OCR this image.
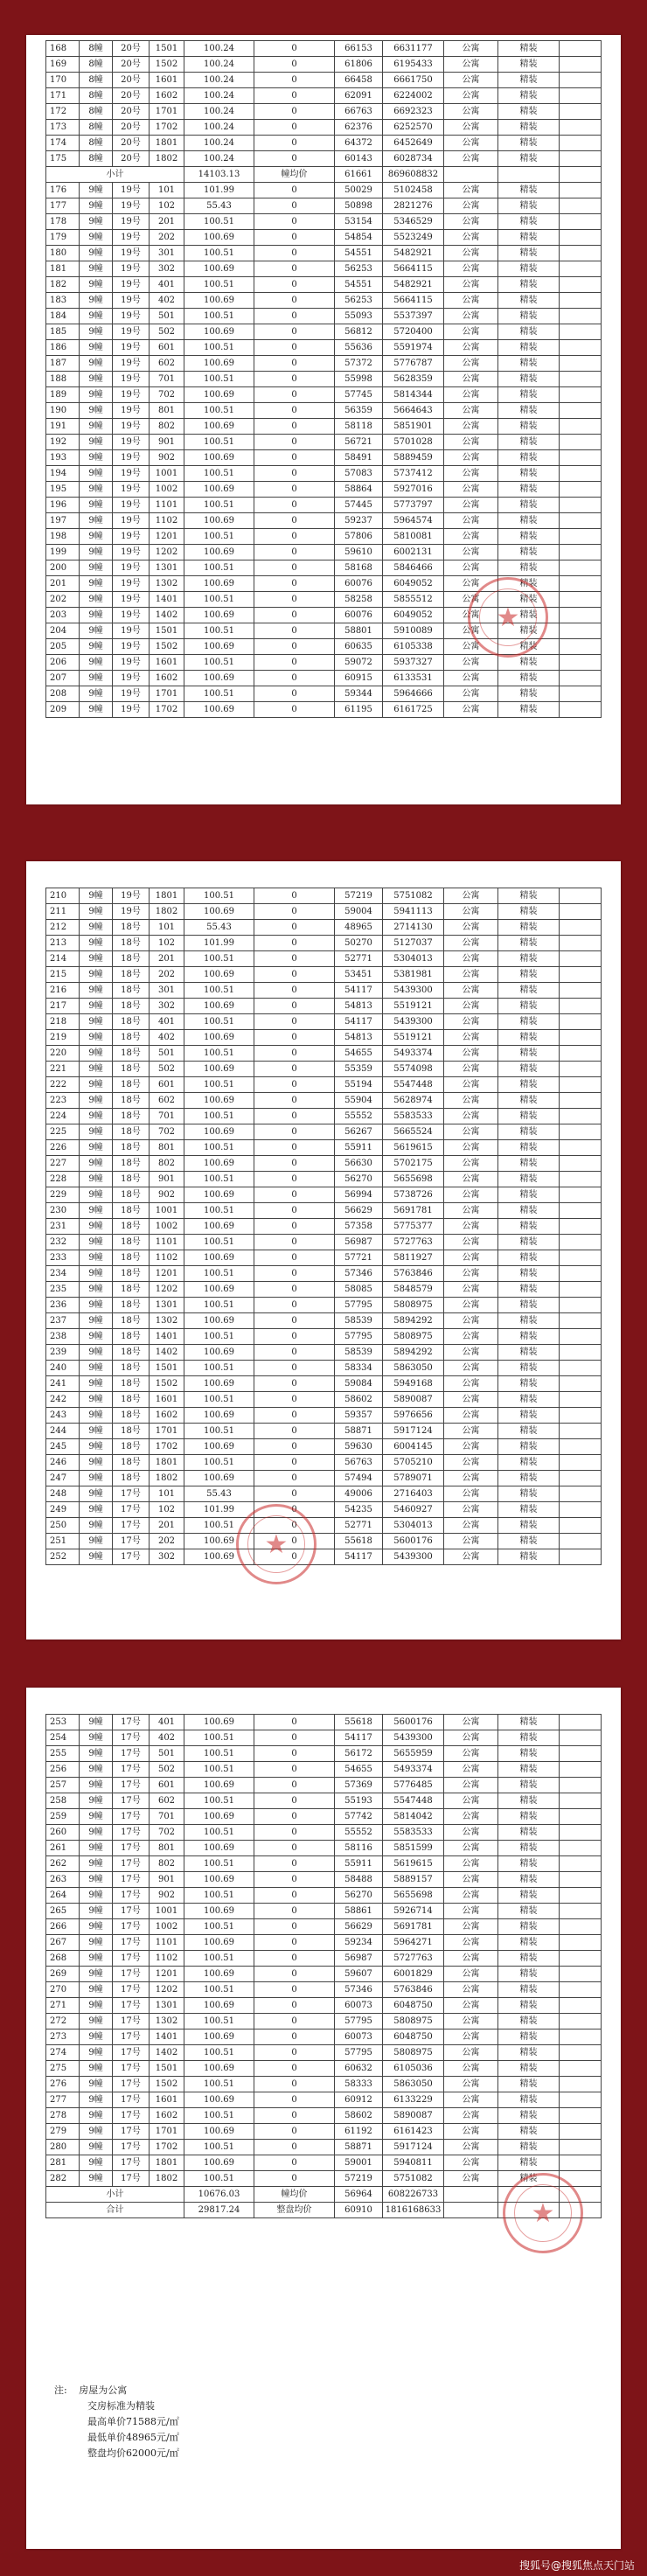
168	8幢	20号	1501	100.24	0	66153	6631177	公寓	精装	
169	8幢	20号	1502	100.24	0	61806	6195433	公寓	精装	
170	8幢	20号	1601	100.24	0	66458	6661750	公寓	精装	
171	8幢	20号	1602	100.24	0	62091	6224002	公寓	精装	
172	8幢	20号	1701	100.24	0	66763	6692323	公寓	精装	
173	8幢	20号	1702	100.24	0	62376	6252570	公寓	精装	
174	8幢	20号	1801	100.24	0	64372	6452649	公寓	精装	
175	8幢	20号	1802	100.24	0	60143	6028734	公寓	精装	
小计				14103.13	幢均价	61661	869608832			
176	9幢	19号	101	101.99	0	50029	5102458	公寓	精装	
177	9幢	19号	102	55.43	0	50898	2821276	公寓	精装	
178	9幢	19号	201	100.51	0	53154	5346529	公寓	精装	
179	9幢	19号	202	100.69	0	54854	5523249	公寓	精装	
180	9幢	19号	301	100.51	0	54551	5482921	公寓	精装	
181	9幢	19号	302	100.69	0	56253	5664115	公寓	精装	
182	9幢	19号	401	100.51	0	54551	5482921	公寓	精装	
183	9幢	19号	402	100.69	0	56253	5664115	公寓	精装	
184	9幢	19号	501	100.51	0	55093	5537397	公寓	精装	
185	9幢	19号	502	100.69	0	56812	5720400	公寓	精装	
186	9幢	19号	601	100.51	0	55636	5591974	公寓	精装	
187	9幢	19号	602	100.69	0	57372	5776787	公寓	精装	
188	9幢	19号	701	100.51	0	55998	5628359	公寓	精装	
189	9幢	19号	702	100.69	0	57745	5814344	公寓	精装	
190	9幢	19号	801	100.51	0	56359	5664643	公寓	精装	
191	9幢	19号	802	100.69	0	58118	5851901	公寓	精装	
192	9幢	19号	901	100.51	0	56721	5701028	公寓	精装	
193	9幢	19号	902	100.69	0	58491	5889459	公寓	精装	
194	9幢	19号	1001	100.51	0	57083	5737412	公寓	精装	
195	9幢	19号	1002	100.69	0	58864	5927016	公寓	精装	
196	9幢	19号	1101	100.51	0	57445	5773797	公寓	精装	
197	9幢	19号	1102	100.69	0	59237	5964574	公寓	精装	
198	9幢	19号	1201	100.51	0	57806	5810081	公寓	精装	
199	9幢	19号	1202	100.69	0	59610	6002131	公寓	精装	
200	9幢	19号	1301	100.51	0	58168	5846466	公寓	精装	
201	9幢	19号	1302	100.69	0	60076	6049052	公寓	精装	
202	9幢	19号	1401	100.51	0	58258	5855512	公寓	精装	
203	9幢	19号	1402	100.69	0	60076	6049052	公寓	精装	
204	9幢	19号	1501	100.51	0	58801	5910089	公寓	精装	
205	9幢	19号	1502	100.69	0	60635	6105338	公寓	精装	
206	9幢	19号	1601	100.51	0	59072	5937327	公寓	精装	
207	9幢	19号	1602	100.69	0	60915	6133531	公寓	精装	
208	9幢	19号	1701	100.51	0	59344	5964666	公寓	精装	
209	9幢	19号	1702	100.69	0	61195	6161725	公寓	精装	
★
210	9幢	19号	1801	100.51	0	57219	5751082	公寓	精装	
211	9幢	19号	1802	100.69	0	59004	5941113	公寓	精装	
212	9幢	18号	101	55.43	0	48965	2714130	公寓	精装	
213	9幢	18号	102	101.99	0	50270	5127037	公寓	精装	
214	9幢	18号	201	100.51	0	52771	5304013	公寓	精装	
215	9幢	18号	202	100.69	0	53451	5381981	公寓	精装	
216	9幢	18号	301	100.51	0	54117	5439300	公寓	精装	
217	9幢	18号	302	100.69	0	54813	5519121	公寓	精装	
218	9幢	18号	401	100.51	0	54117	5439300	公寓	精装	
219	9幢	18号	402	100.69	0	54813	5519121	公寓	精装	
220	9幢	18号	501	100.51	0	54655	5493374	公寓	精装	
221	9幢	18号	502	100.69	0	55359	5574098	公寓	精装	
222	9幢	18号	601	100.51	0	55194	5547448	公寓	精装	
223	9幢	18号	602	100.69	0	55904	5628974	公寓	精装	
224	9幢	18号	701	100.51	0	55552	5583533	公寓	精装	
225	9幢	18号	702	100.69	0	56267	5665524	公寓	精装	
226	9幢	18号	801	100.51	0	55911	5619615	公寓	精装	
227	9幢	18号	802	100.69	0	56630	5702175	公寓	精装	
228	9幢	18号	901	100.51	0	56270	5655698	公寓	精装	
229	9幢	18号	902	100.69	0	56994	5738726	公寓	精装	
230	9幢	18号	1001	100.51	0	56629	5691781	公寓	精装	
231	9幢	18号	1002	100.69	0	57358	5775377	公寓	精装	
232	9幢	18号	1101	100.51	0	56987	5727763	公寓	精装	
233	9幢	18号	1102	100.69	0	57721	5811927	公寓	精装	
234	9幢	18号	1201	100.51	0	57346	5763846	公寓	精装	
235	9幢	18号	1202	100.69	0	58085	5848579	公寓	精装	
236	9幢	18号	1301	100.51	0	57795	5808975	公寓	精装	
237	9幢	18号	1302	100.69	0	58539	5894292	公寓	精装	
238	9幢	18号	1401	100.51	0	57795	5808975	公寓	精装	
239	9幢	18号	1402	100.69	0	58539	5894292	公寓	精装	
240	9幢	18号	1501	100.51	0	58334	5863050	公寓	精装	
241	9幢	18号	1502	100.69	0	59084	5949168	公寓	精装	
242	9幢	18号	1601	100.51	0	58602	5890087	公寓	精装	
243	9幢	18号	1602	100.69	0	59357	5976656	公寓	精装	
244	9幢	18号	1701	100.51	0	58871	5917124	公寓	精装	
245	9幢	18号	1702	100.69	0	59630	6004145	公寓	精装	
246	9幢	18号	1801	100.51	0	56763	5705210	公寓	精装	
247	9幢	18号	1802	100.69	0	57494	5789071	公寓	精装	
248	9幢	17号	101	55.43	0	49006	2716403	公寓	精装	
249	9幢	17号	102	101.99	0	54235	5460927	公寓	精装	
250	9幢	17号	201	100.51	0	52771	5304013	公寓	精装	
251	9幢	17号	202	100.69	0	55618	5600176	公寓	精装	
252	9幢	17号	302	100.69	0	54117	5439300	公寓	精装	
★
253	9幢	17号	401	100.69	0	55618	5600176	公寓	精装	
254	9幢	17号	402	100.51	0	54117	5439300	公寓	精装	
255	9幢	17号	501	100.51	0	56172	5655959	公寓	精装	
256	9幢	17号	502	100.51	0	54655	5493374	公寓	精装	
257	9幢	17号	601	100.69	0	57369	5776485	公寓	精装	
258	9幢	17号	602	100.51	0	55193	5547448	公寓	精装	
259	9幢	17号	701	100.69	0	57742	5814042	公寓	精装	
260	9幢	17号	702	100.51	0	55552	5583533	公寓	精装	
261	9幢	17号	801	100.69	0	58116	5851599	公寓	精装	
262	9幢	17号	802	100.51	0	55911	5619615	公寓	精装	
263	9幢	17号	901	100.69	0	58488	5889157	公寓	精装	
264	9幢	17号	902	100.51	0	56270	5655698	公寓	精装	
265	9幢	17号	1001	100.69	0	58861	5926714	公寓	精装	
266	9幢	17号	1002	100.51	0	56629	5691781	公寓	精装	
267	9幢	17号	1101	100.69	0	59234	5964271	公寓	精装	
268	9幢	17号	1102	100.51	0	56987	5727763	公寓	精装	
269	9幢	17号	1201	100.69	0	59607	6001829	公寓	精装	
270	9幢	17号	1202	100.51	0	57346	5763846	公寓	精装	
271	9幢	17号	1301	100.69	0	60073	6048750	公寓	精装	
272	9幢	17号	1302	100.51	0	57795	5808975	公寓	精装	
273	9幢	17号	1401	100.69	0	60073	6048750	公寓	精装	
274	9幢	17号	1402	100.51	0	57795	5808975	公寓	精装	
275	9幢	17号	1501	100.69	0	60632	6105036	公寓	精装	
276	9幢	17号	1502	100.51	0	58333	5863050	公寓	精装	
277	9幢	17号	1601	100.69	0	60912	6133229	公寓	精装	
278	9幢	17号	1602	100.51	0	58602	5890087	公寓	精装	
279	9幢	17号	1701	100.69	0	61192	6161423	公寓	精装	
280	9幢	17号	1702	100.51	0	58871	5917124	公寓	精装	
281	9幢	17号	1801	100.69	0	59001	5940811	公寓	精装	
282	9幢	17号	1802	100.51	0	57219	5751082	公寓	精装	
小计				10676.03	幢均价	56964	608226733			
合计				29817.24	整盘均价	60910	1816168633				★
注: 房屋为公寓
交房标准为精装
最高单价71588元/㎡
最低单价48965元/㎡
整盘均价62000元/㎡
搜狐号@搜狐焦点天门站
